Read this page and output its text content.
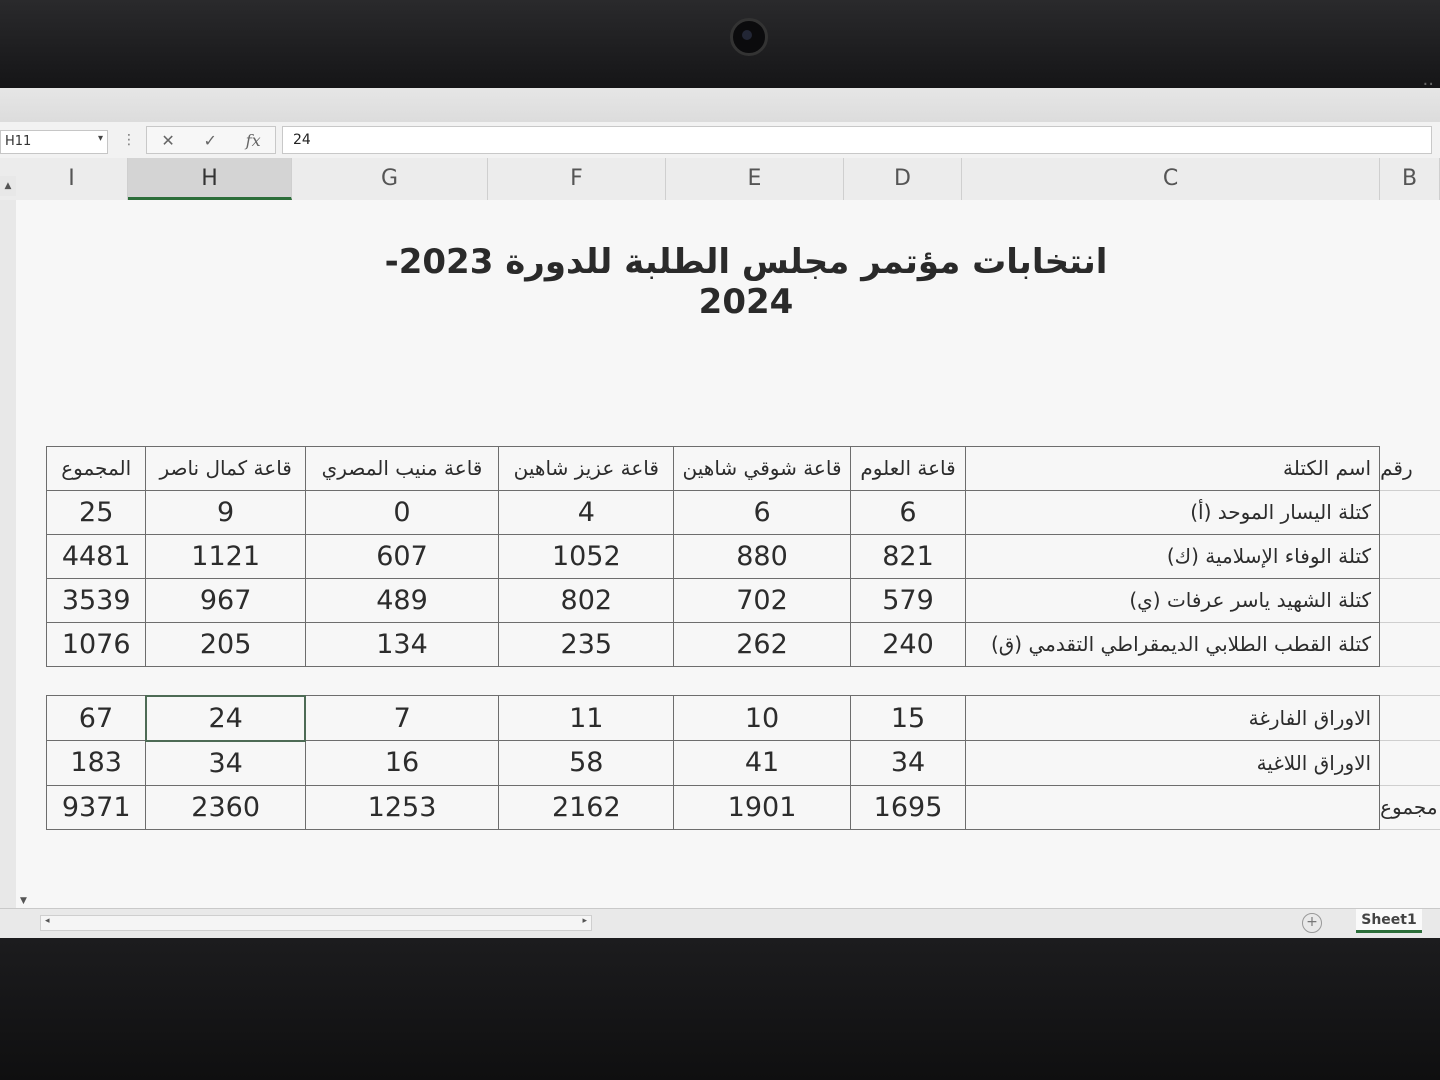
··
H11	▾ ⋮ ✕ ✓ fx	24
I	H	G	F	E	D	C	B
▲
انتخابات مؤتمر مجلس الطلبة للدورة 2023-2024
المجموع	قاعة كمال ناصر	قاعة منيب المصري	قاعة عزيز شاهين	قاعة شوقي شاهين	قاعة العلوم	اسم الكتلة	رقم
25	9	0	4	6	6	كتلة اليسار الموحد (أ)	
4481	1121	607	1052	880	821	كتلة الوفاء الإسلامية (ك)	
3539	967	489	802	702	579	كتلة الشهيد ياسر عرفات (ي)	
1076	205	134	235	262	240	كتلة القطب الطلابي الديمقراطي التقدمي (ق)	

67	24	7	11	10	15	الاوراق الفارغة	
183	34	16	58	41	34	الاوراق اللاغية	
9371	2360	1253	2162	1901	1695		مجموع
▼
◂	▸	+	Sheet1
